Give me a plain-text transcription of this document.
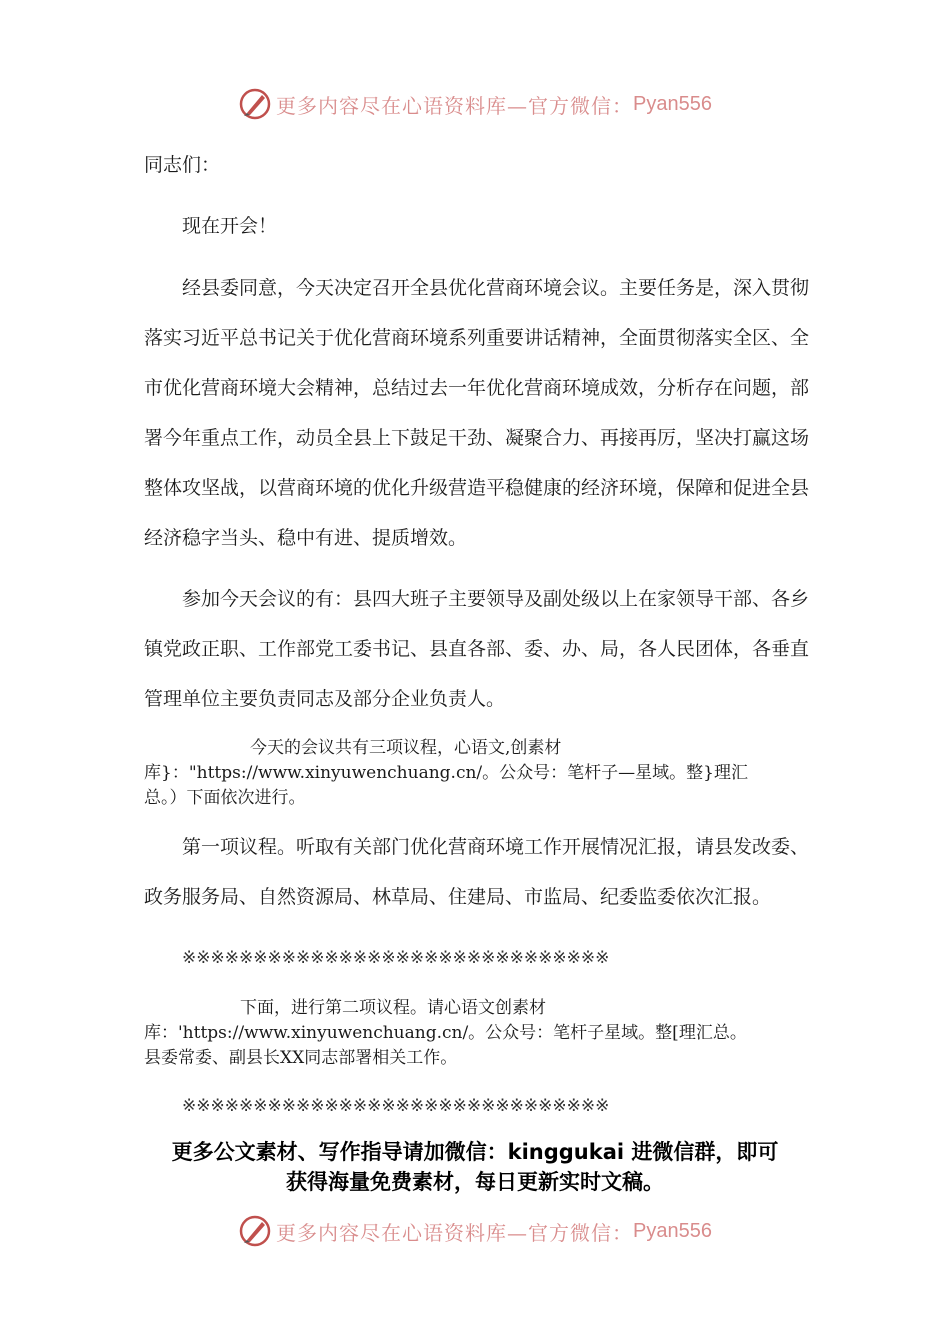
更多内容尽在心语资料库—官方微信： Pyan556

同志们：

现在开会！

经县委同意，今天决定召开全县优化营商环境会议。主要任务是，深入贯彻落实习近平总书记关于优化营商环境系列重要讲话精神，全面贯彻落实全区、全市优化营商环境大会精神，总结过去一年优化营商环境成效，分析存在问题，部署今年重点工作，动员全县上下鼓足干劲、凝聚合力、再接再厉，坚决打赢这场整体攻坚战，以营商环境的优化升级营造平稳健康的经济环境，保障和促进全县经济稳字当头、稳中有进、提质增效。

参加今天会议的有：县四大班子主要领导及副处级以上在家领导干部、各乡镇党政正职、工作部党工委书记、县直各部、委、办、局，各人民团体，各垂直管理单位主要负责同志及部分企业负责人。

今天的会议共有三项议程，心语文,创素材
库}："https://www.xinyuwenchuang.cn/。公众号：笔杆子—星域。整}理汇
总。）下面依次进行。

第一项议程。听取有关部门优化营商环境工作开展情况汇报，请县发改委、政务服务局、自然资源局、林草局、住建局、市监局、纪委监委依次汇报。

※※※※※※※※※※※※※※※※※※※※※※※※※※※※※※
下面，进行第二项议程。请心语文创素材
库：'https://www.xinyuwenchuang.cn/。公众号：笔杆子星域。整[理汇总。
县委常委、副县长XX同志部署相关工作。
※※※※※※※※※※※※※※※※※※※※※※※※※※※※※※
更多公文素材、写作指导请加微信：kinggukai 进微信群，即可
获得海量免费素材，每日更新实时文稿。
更多内容尽在心语资料库—官方微信： Pyan556
